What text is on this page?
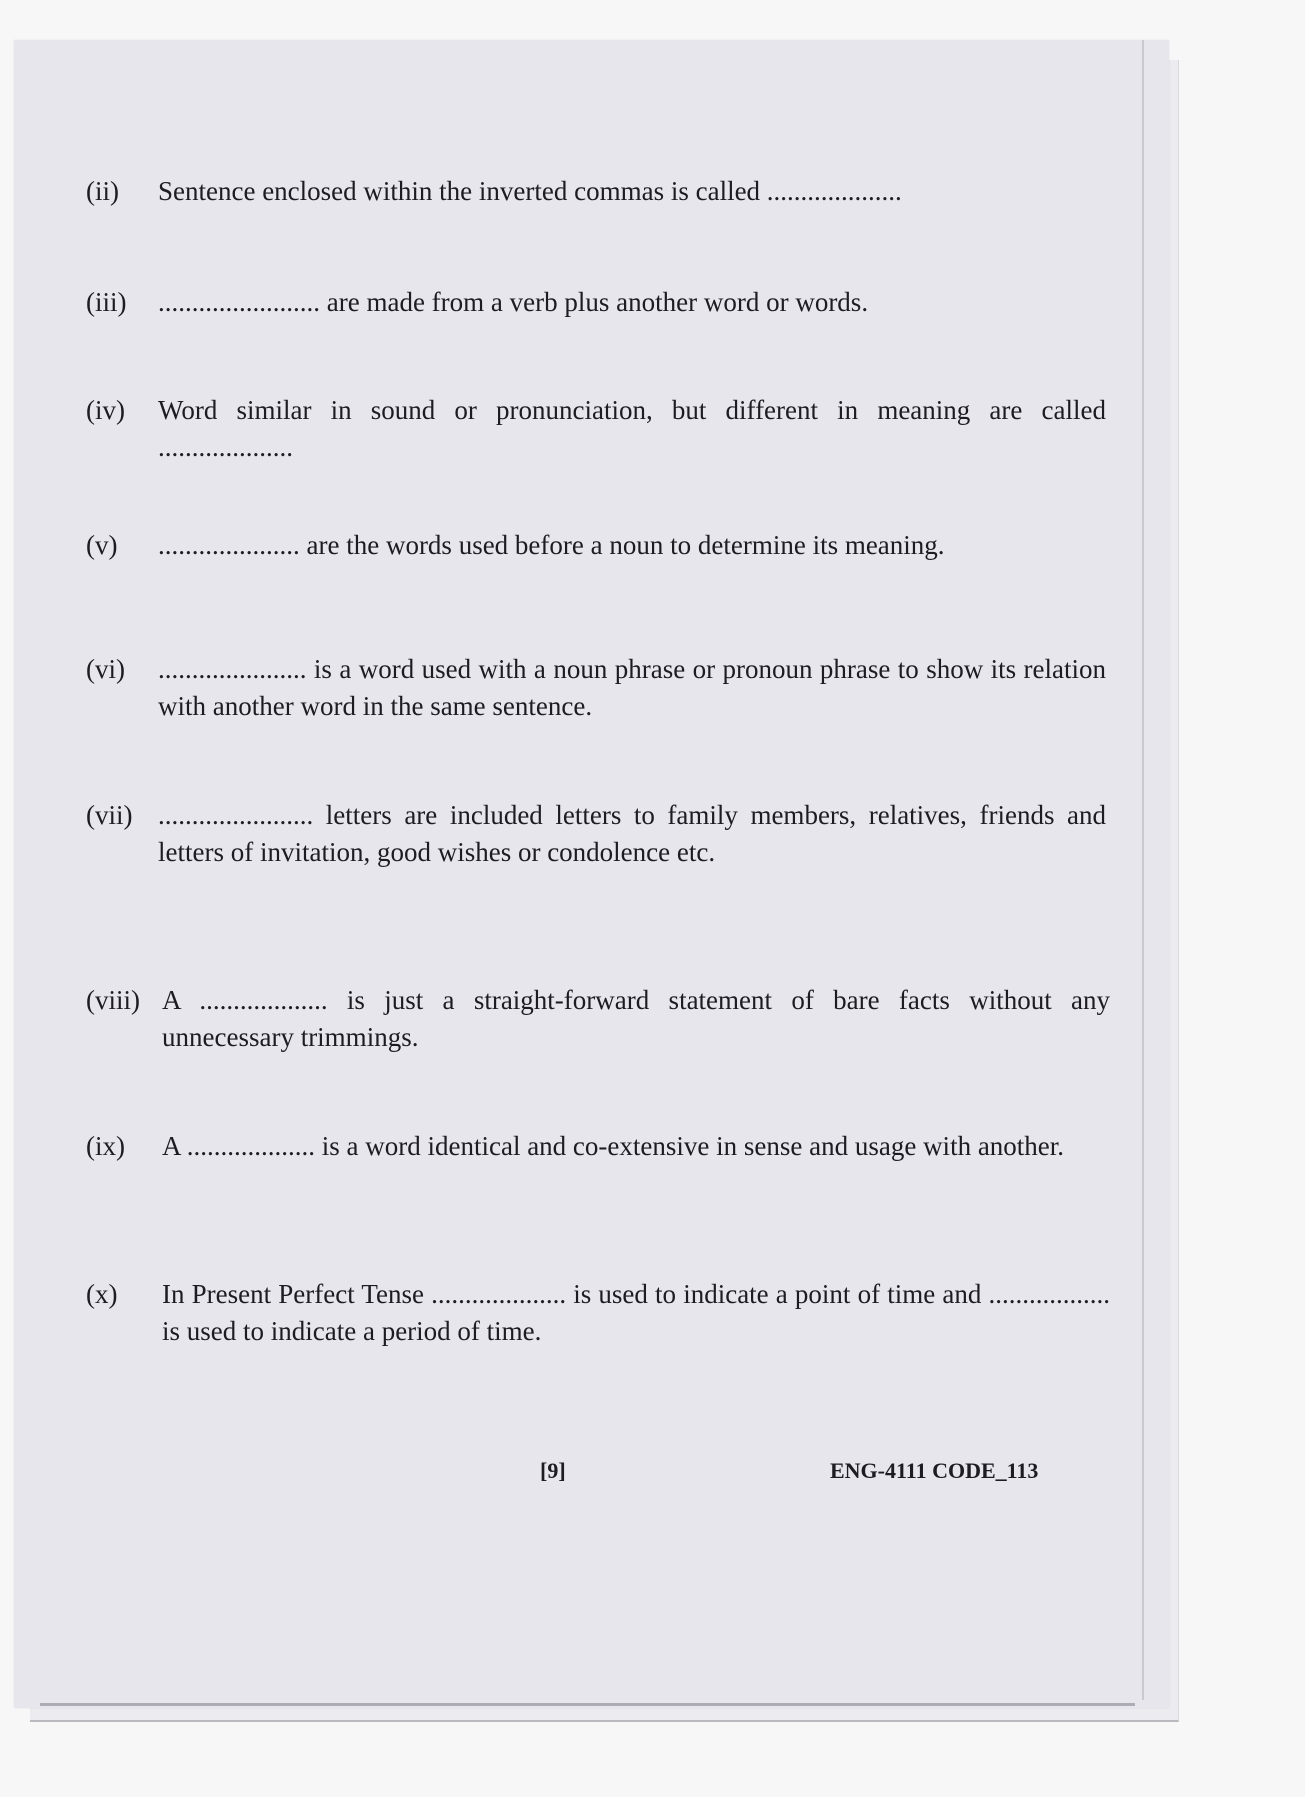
(ii) Sentence enclosed within the inverted commas is called ....................
(iii) ........................ are made from a verb plus another word or words.
(iv) Word similar in sound or pronunciation, but different in meaning are called ....................
(v) ..................... are the words used before a noun to determine its meaning.
(vi) ...................... is a word used with a noun phrase or pronoun phrase to show its relation with another word in the same sentence.
(vii) ....................... letters are included letters to family members, relatives, friends and letters of invitation, good wishes or condolence etc.
(viii) A ................... is just a straight-forward statement of bare facts without any unnecessary trimmings.
(ix) A ................... is a word identical and co-extensive in sense and usage with another.
(x) In Present Perfect Tense .................... is used to indicate a point of time and .................. is used to indicate a period of time.
[9]	ENG-4111 CODE_113
